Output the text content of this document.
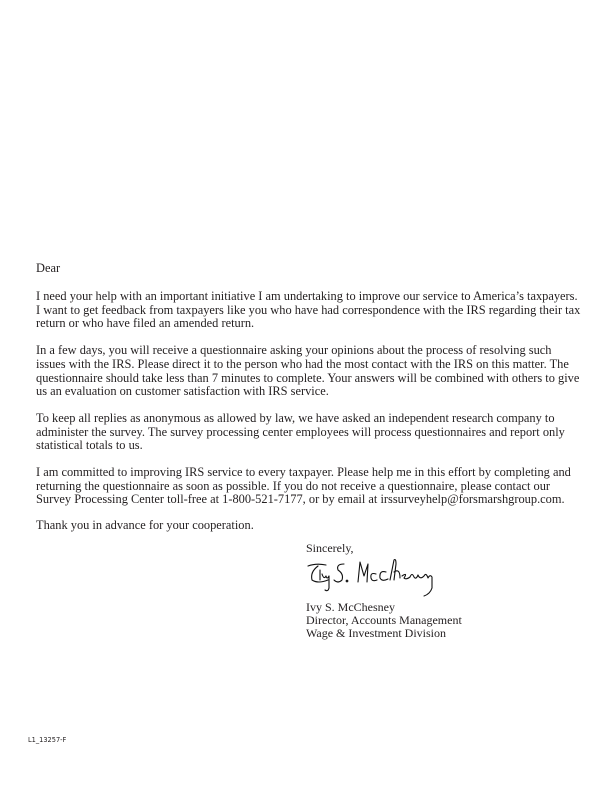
Dear
I need your help with an important initiative I am undertaking to improve our service to America’s taxpayers.
I want to get feedback from taxpayers like you who have had correspondence with the IRS regarding their tax
return or who have filed an amended return.
In a few days, you will receive a questionnaire asking your opinions about the process of resolving such
issues with the IRS. Please direct it to the person who had the most contact with the IRS on this matter. The
questionnaire should take less than 7 minutes to complete. Your answers will be combined with others to give
us an evaluation on customer satisfaction with IRS service.
To keep all replies as anonymous as allowed by law, we have asked an independent research company to
administer the survey. The survey processing center employees will process questionnaires and report only
statistical totals to us.
I am committed to improving IRS service to every taxpayer. Please help me in this effort by completing and
returning the questionnaire as soon as possible. If you do not receive a questionnaire, please contact our
Survey Processing Center toll-free at 1-800-521-7177, or by email at irssurveyhelp@forsmarshgroup.com.
Thank you in advance for your cooperation.
Sincerely,
Ivy S. McChesney
Director, Accounts Management
Wage & Investment Division
L1_13257-F
